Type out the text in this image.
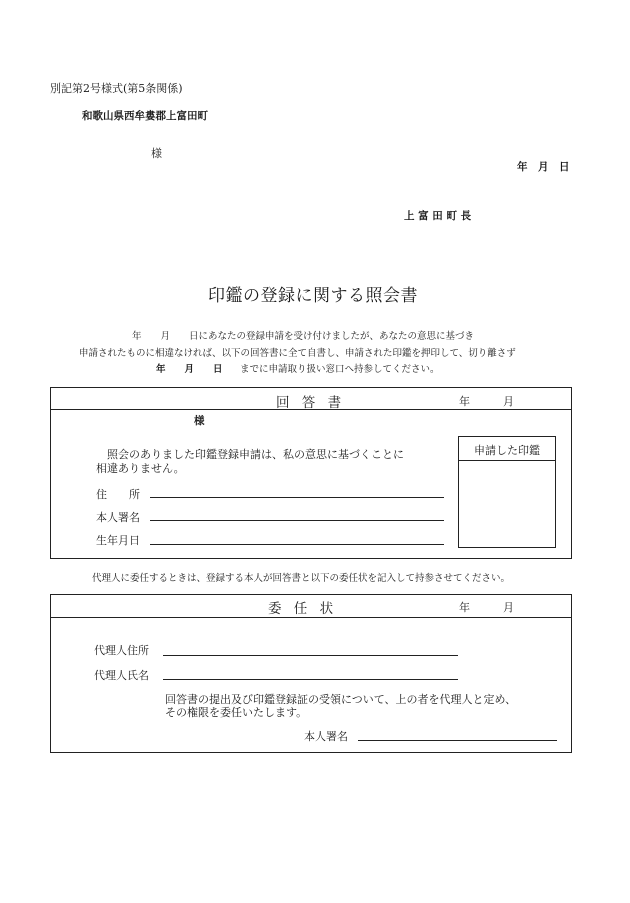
別記第2号様式(第5条関係)
和歌山県西牟婁郡上富田町
様
年　月　日
上 富 田 町 長
印鑑の登録に関する照会書
年　　月　　日にあなたの登録申請を受け付けましたが、あなたの意思に基づき
申請されたものに相違なければ、以下の回答書に全て自書し、申請された印鑑を押印して、切り離さず
年　　月　　日 までに申請取り扱い窓口へ持参してください。
回 答 書	年　　　月
様
照会のありました印鑑登録申請は、私の意思に基づくことに
相違ありません。
住　　所
本人署名
生年月日
申請した印鑑
代理人に委任するときは、登録する本人が回答書と以下の委任状を記入して持参させてください。
委 任 状	年　　　月
代理人住所
代理人氏名
回答書の提出及び印鑑登録証の受領について、上の者を代理人と定め、
その権限を委任いたします。
本人署名
